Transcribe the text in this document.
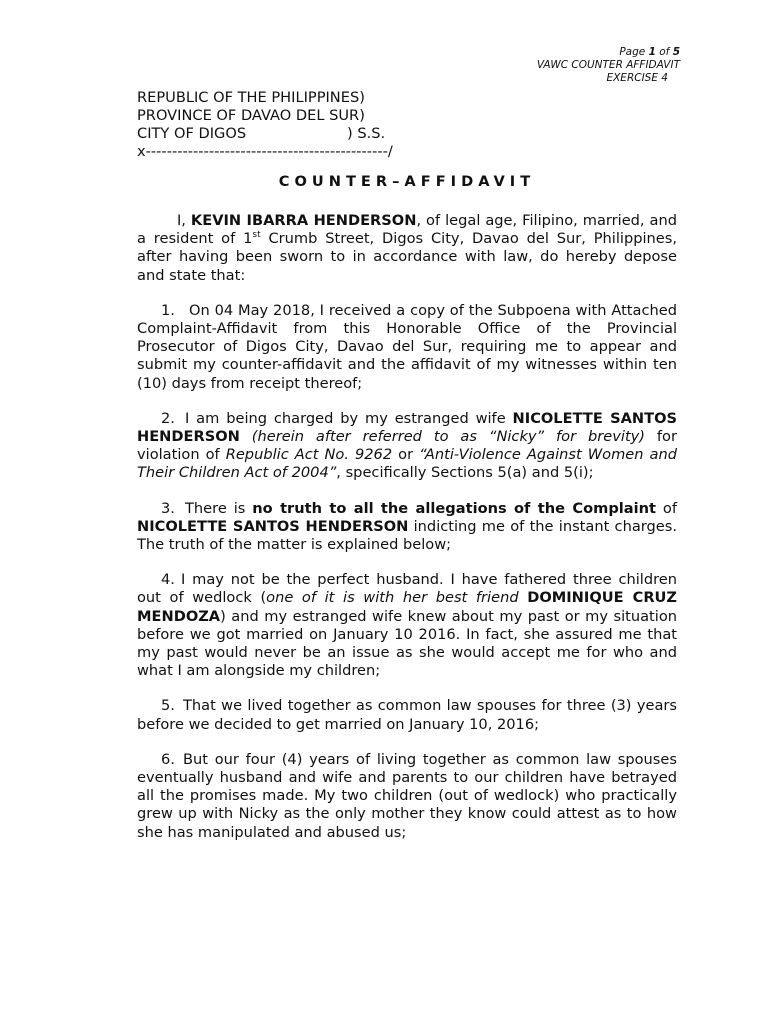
Page 1 of 5
VAWC COUNTER AFFIDAVIT
EXERCISE 4
REPUBLIC OF THE PHILIPPINES)
PROVINCE OF DAVAO DEL SUR)
CITY OF DIGOS	) S.S.
x----------------------------------------------/
COUNTER–AFFIDAVIT

I, KEVIN IBARRA HENDERSON, of legal age, Filipino, married, and a resident of 1st Crumb Street, Digos City, Davao del Sur, Philippines, after having been sworn to in accordance with law, do hereby depose and state that:

1. On 04 May 2018, I received a copy of the Subpoena with Attached Complaint-Affidavit from this Honorable Office of the Provincial Prosecutor of Digos City, Davao del Sur, requiring me to appear and submit my counter-affidavit and the affidavit of my witnesses within ten (10) days from receipt thereof;

2. I am being charged by my estranged wife NICOLETTE SANTOS HENDERSON (herein after referred to as “Nicky” for brevity) for violation of Republic Act No. 9262 or “Anti-Violence Against Women and Their Children Act of 2004”, specifically Sections 5(a) and 5(i);

3. There is no truth to all the allegations of the Complaint of NICOLETTE SANTOS HENDERSON indicting me of the instant charges. The truth of the matter is explained below;

4. I may not be the perfect husband. I have fathered three children out of wedlock (one of it is with her best friend DOMINIQUE CRUZ MENDOZA) and my estranged wife knew about my past or my situation before we got married on January 10 2016. In fact, she assured me that my past would never be an issue as she would accept me for who and what I am alongside my children;

5. That we lived together as common law spouses for three (3) years before we decided to get married on January 10, 2016;

6. But our four (4) years of living together as common law spouses eventually husband and wife and parents to our children have betrayed all the promises made. My two children (out of wedlock) who practically grew up with Nicky as the only mother they know could attest as to how she has manipulated and abused us;
